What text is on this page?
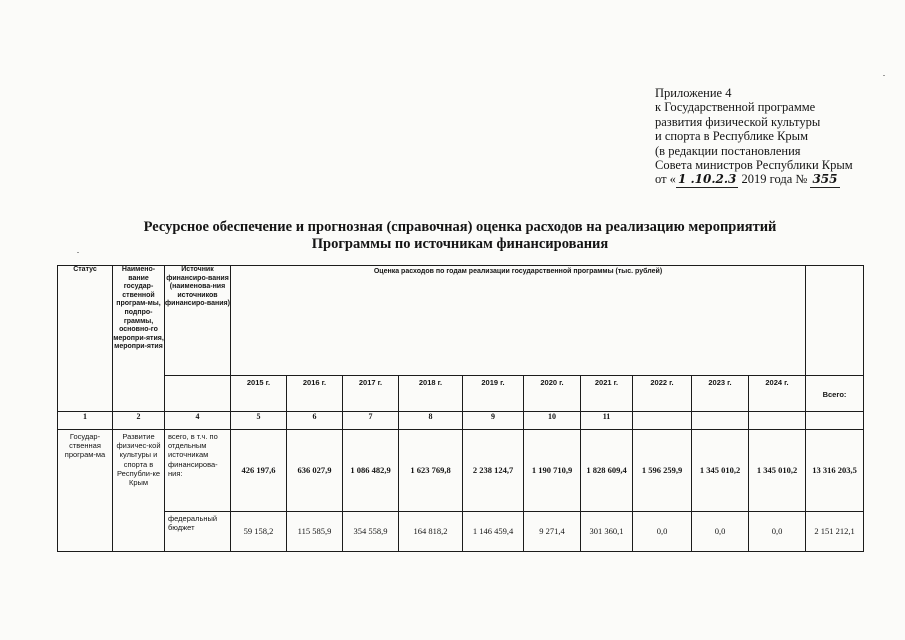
Приложение 4
к Государственной программе
развития физической культуры
и спорта в Республике Крым
(в редакции постановления
Совета министров Республики Крым
от « 1 .10.2.3 2019 года № 355
Ресурсное обеспечение и прогнозная (справочная) оценка расходов на реализацию мероприятий
Программы по источникам финансирования
Статус	Наимено-вание государ-ственной програм-мы, подпро-граммы, основно-го меропри-ятия, меропри-ятия	Источник финансиро-вания (наименова-ния источников финансиро-вания)	Оценка расходов по годам реализации государственной программы (тыс. рублей)										
			2015 г.	2016 г.	2017 г.	2018 г.	2019 г.	2020 г.	2021 г.	2022 г.	2023 г.	2024 г.	Всего:
1	2	4	5	6	7	8	9	10	11				
Государ-ственная програм-ма	Развитие физичес-кой культуры и спорта в Республи-ке Крым	всего, в т.ч. по отдельным источникам финансирова-ния:	426 197,6	636 027,9	1 086 482,9	1 623 769,8	2 238 124,7	1 190 710,9	1 828 609,4	1 596 259,9	1 345 010,2	1 345 010,2	13 316 203,5
		федеральный бюджет	59 158,2	115 585,9	354 558,9	164 818,2	1 146 459,4	9 271,4	301 360,1	0,0	0,0	0,0	2 151 212,1
